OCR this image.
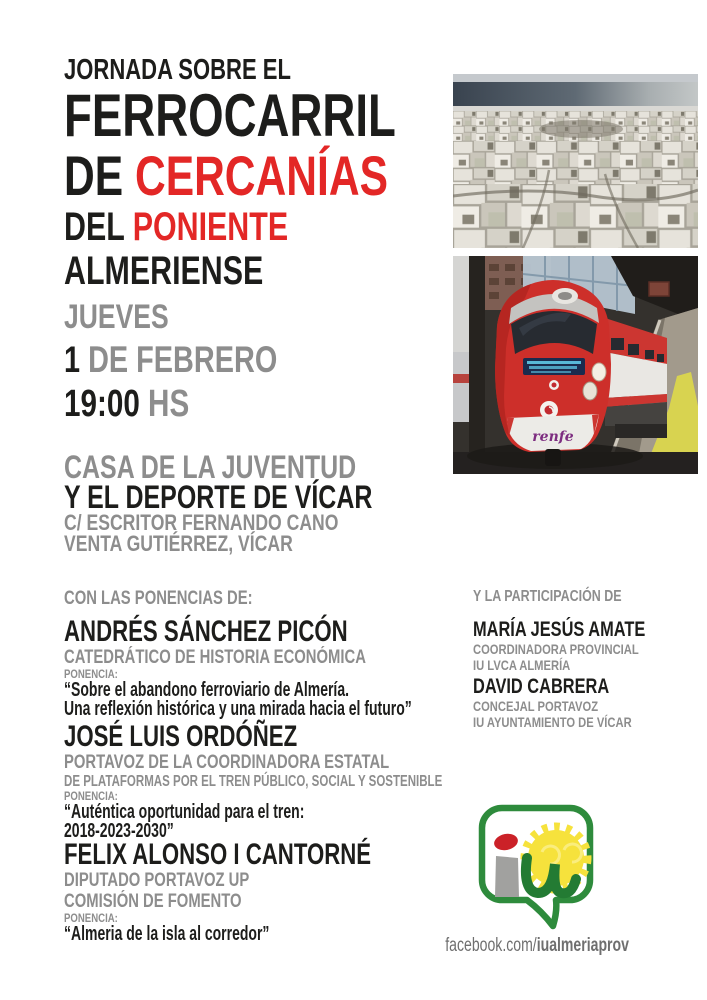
JORNADA SOBRE EL
FERROCARRIL
DE CERCANÍAS
DEL PONIENTE
ALMERIENSE
JUEVES
1 DE FEBRERO
19:00 HS
CASA DE LA JUVENTUD
Y EL DEPORTE DE VÍCAR
C/ ESCRITOR FERNANDO CANO
VENTA GUTIÉRREZ, VÍCAR
CON LAS PONENCIAS DE:
ANDRÉS SÁNCHEZ PICÓN
CATEDRÁTICO DE HISTORIA ECONÓMICA
PONENCIA:
“Sobre el abandono ferroviario de Almería.
Una reflexión histórica y una mirada hacia el futuro”
JOSÉ LUIS ORDÓÑEZ
PORTAVOZ DE LA COORDINADORA ESTATAL
DE PLATAFORMAS POR EL TREN PÚBLICO, SOCIAL Y SOSTENIBLE
PONENCIA:
“Auténtica oportunidad para el tren:
2018-2023-2030”
FELIX ALONSO I CANTORNÉ
DIPUTADO PORTAVOZ UP
COMISIÓN DE FOMENTO
PONENCIA:
“Almeria de la isla al corredor”
Y LA PARTICIPACIÓN DE
MARÍA JESÚS AMATE
COORDINADORA PROVINCIAL
IU LVCA ALMERÍA
DAVID CABRERA
CONCEJAL PORTAVOZ
IU AYUNTAMIENTO DE VÍCAR
renfe
facebook.com/iualmeriaprov
